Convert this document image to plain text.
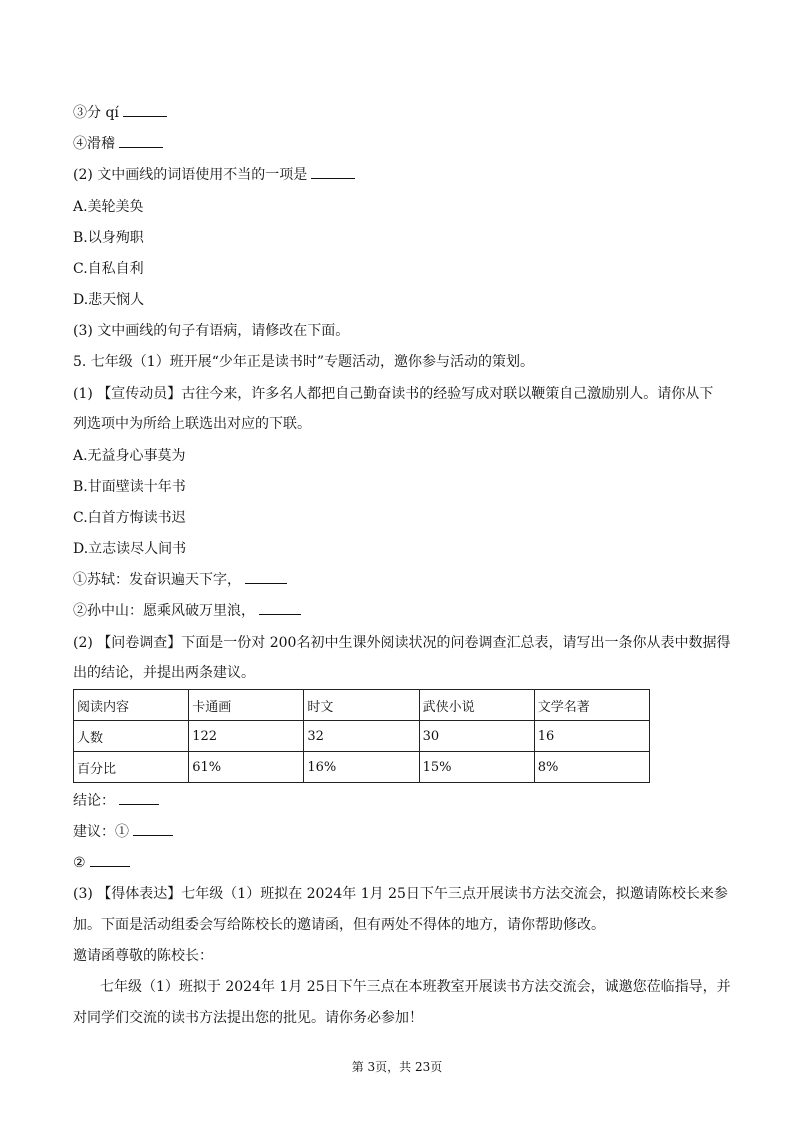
③分 qí
④滑稽
(2) 文中画线的词语使用不当的一项是
A.美轮美奂
B.以身殉职
C.自私自利
D.悲天悯人
(3) 文中画线的句子有语病，请修改在下面。
5. 七年级（1）班开展“少年正是读书时”专题活动，邀你参与活动的策划。
(1) 【宣传动员】古往今来，许多名人都把自己勤奋读书的经验写成对联以鞭策自己激励别人。请你从下
列选项中为所给上联选出对应的下联。
A.无益身心事莫为
B.甘面壁读十年书
C.白首方悔读书迟
D.立志读尽人间书
①苏轼：发奋识遍天下字，
②孙中山：愿乘风破万里浪，
(2) 【问卷调查】下面是一份对 200名初中生课外阅读状况的问卷调查汇总表，请写出一条你从表中数据得
出的结论，并提出两条建议。
阅读内容	卡通画	时文	武侠小说	文学名著
人数	122	32	30	16
百分比	61%	16%	15%	8%
结论：
建议：①
②
(3) 【得体表达】七年级（1）班拟在 2024年 1月 25日下午三点开展读书方法交流会，拟邀请陈校长来参
加。下面是活动组委会写给陈校长的邀请函，但有两处不得体的地方，请你帮助修改。
邀请函尊敬的陈校长：
七年级（1）班拟于 2024年 1月 25日下午三点在本班教室开展读书方法交流会，诚邀您莅临指导，并
对同学们交流的读书方法提出您的批见。请你务必参加！
第 3页，共 23页
